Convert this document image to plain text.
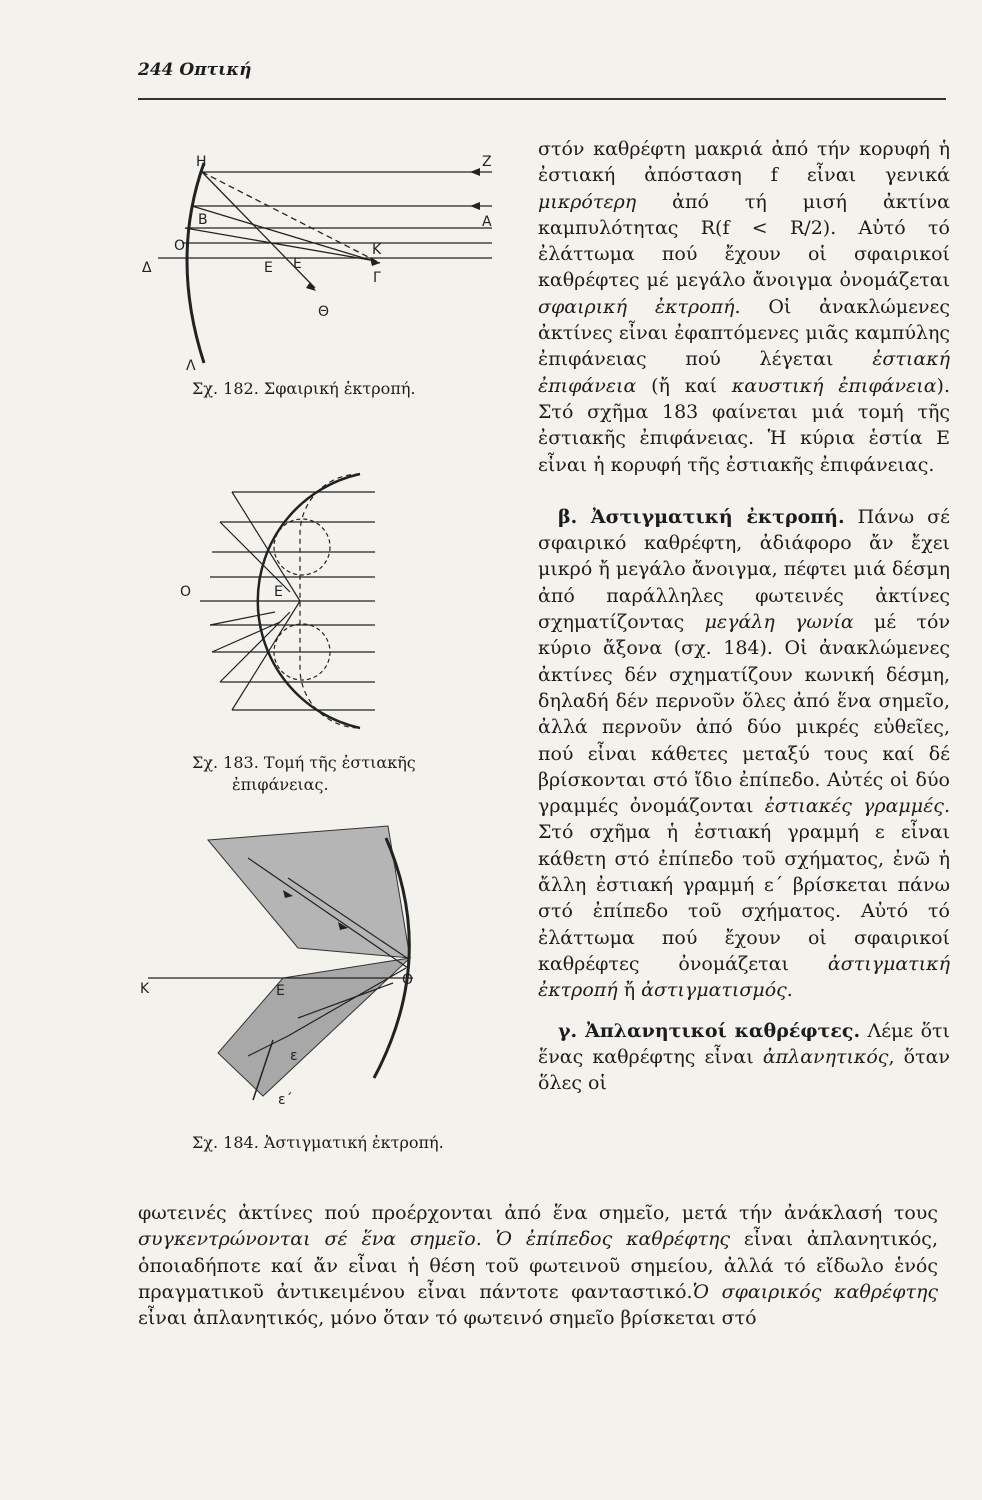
244 Οπτική
Η	Ζ
Β	Α
Ο	Κ
Δ	Ε Ε
Γ
Θ
Λ
Σχ. 182. Σφαιρική ἐκτροπή.
Ο	Ε
Σχ. 183. Τομή τῆς ἐστιακῆς
ἐπιφάνειας.
Κ	Ε
Ο
ε
ε΄
Σχ. 184. Ἀστιγματική ἐκτροπή.

στόν καθρέφτη μακριά ἀπό τήν κορυφή ἡ ἐστιακή ἀπόσταση f εἶναι γενικά μικρότερη ἀπό τή μισή ἀκτίνα καμπυλότητας R(f < R/2). Αὐτό τό ἐλάττωμα πού ἔχουν οἱ σφαιρικοί καθρέφτες μέ μεγάλο ἄνοιγμα ὀνομάζεται σφαιρική ἐκτροπή. Οἱ ἀνακλώμενες ἀκτίνες εἶναι ἐφαπτόμενες μιᾶς καμπύλης ἐπιφάνειας πού λέγεται ἐστιακή ἐπιφάνεια (ἤ καί καυστική ἐπιφάνεια). Στό σχῆμα 183 φαίνεται μιά τομή τῆς ἐστιακῆς ἐπιφάνειας. Ἡ κύρια ἑστία Ε εἶναι ἡ κορυφή τῆς ἐστιακῆς ἐπιφάνειας.

β. Ἀστιγματική ἐκτροπή. Πάνω σέ σφαιρικό καθρέφτη, ἀδιάφορο ἄν ἔχει μικρό ἤ μεγάλο ἄνοιγμα, πέφτει μιά δέσμη ἀπό παράλληλες φωτεινές ἀκτίνες σχηματίζοντας μεγάλη γωνία μέ τόν κύριο ἄξονα (σχ. 184). Οἱ ἀνακλώμενες ἀκτίνες δέν σχηματίζουν κωνική δέσμη, δηλαδή δέν περνοῦν ὅλες ἀπό ἕνα σημεῖο, ἀλλά περνοῦν ἀπό δύο μικρές εὐθεῖες, πού εἶναι κάθετες μεταξύ τους καί δέ βρίσκονται στό ἴδιο ἐπίπεδο. Αὐτές οἱ δύο γραμμές ὀνομάζονται ἐστιακές γραμμές. Στό σχῆμα ἡ ἐστιακή γραμμή ε εἶναι κάθετη στό ἐπίπεδο τοῦ σχήματος, ἐνῶ ἡ ἄλλη ἐστιακή γραμμή ε΄ βρίσκεται πάνω στό ἐπίπεδο τοῦ σχήματος. Αὐτό τό ἐλάττωμα πού ἔχουν οἱ σφαιρικοί καθρέφτες ὀνομάζεται ἀστιγματική ἐκτροπή ἤ ἀστιγματισμός.

γ. Ἀπλανητικοί καθρέφτες. Λέμε ὅτι ἕνας καθρέφτης εἶναι ἀπλανητικός, ὅταν ὅλες οἱ

φωτεινές ἀκτίνες πού προέρχονται ἀπό ἕνα σημεῖο, μετά τήν ἀνάκλασή τους συγκεντρώνονται σέ ἕνα σημεῖο. Ὁ ἐπίπεδος καθρέφτης εἶναι ἀπλανητικός, ὁποιαδήποτε καί ἄν εἶναι ἡ θέση τοῦ φωτεινοῦ σημείου, ἀλλά τό εἴδωλο ἑνός πραγματικοῦ ἀντικειμένου εἶναι πάντοτε φανταστικό.Ὁ σφαιρικός καθρέφτης εἶναι ἀπλανητικός, μόνο ὅταν τό φωτεινό σημεῖο βρίσκεται στό
